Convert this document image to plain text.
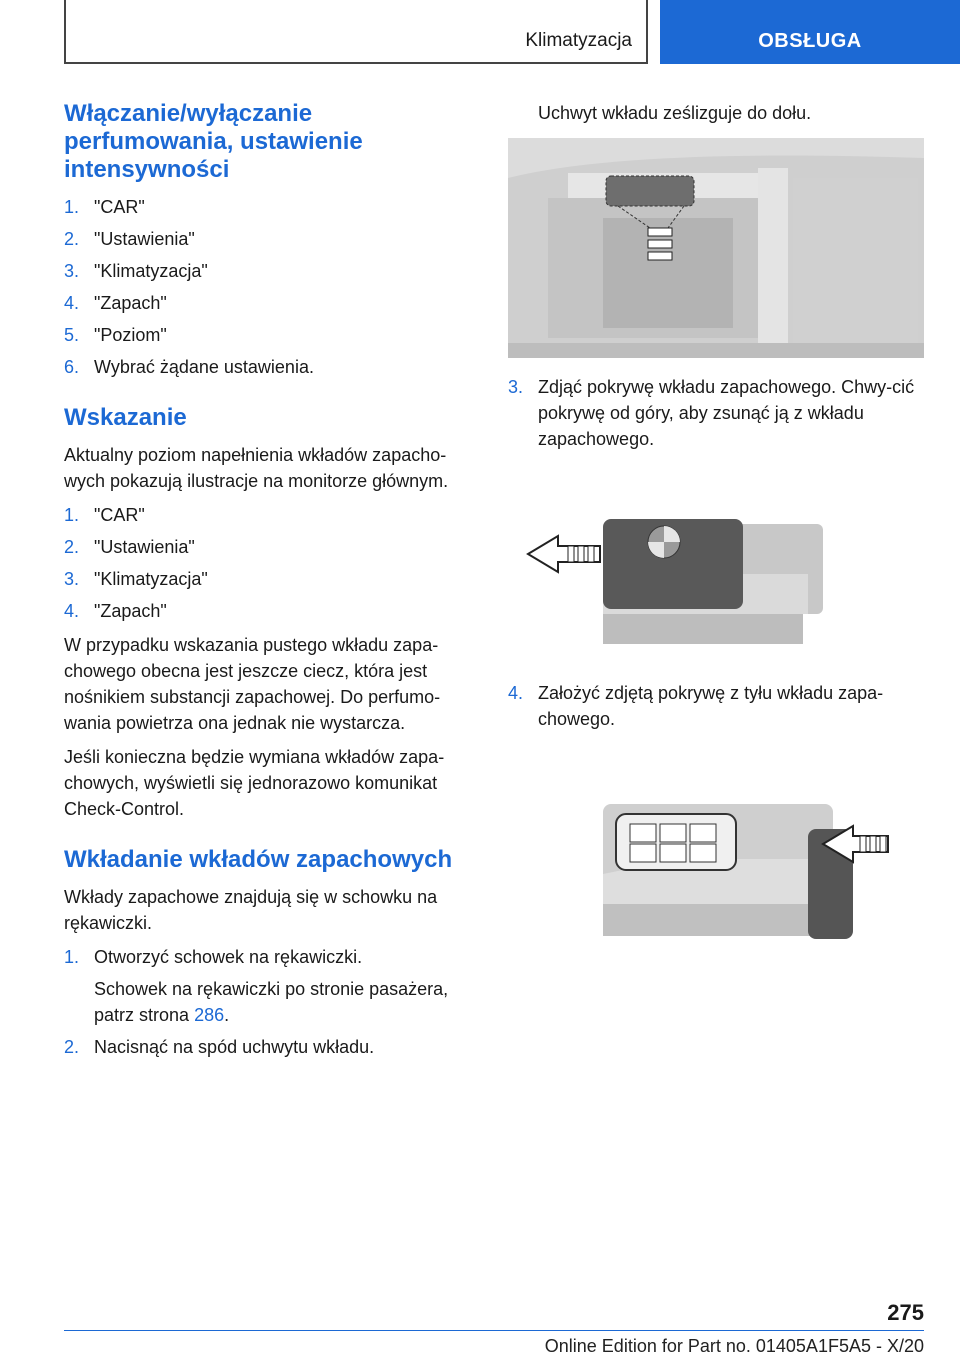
Klimatyzacja	OBSŁUGA
Włączanie/wyłączanie perfumowania, ustawienie intensywności
1. "CAR"
2. "Ustawienia"
3. "Klimatyzacja"
4. "Zapach"
5. "Poziom"
6. Wybrać żądane ustawienia.
Wskazanie

Aktualny poziom napełnienia wkładów zapacho-wych pokazują ilustracje na monitorze głównym.

1. "CAR"
2. "Ustawienia"
3. "Klimatyzacja"
4. "Zapach"

W przypadku wskazania pustego wkładu zapa-chowego obecna jest jeszcze ciecz, która jest nośnikiem substancji zapachowej. Do perfumo-wania powietrza ona jednak nie wystarcza.

Jeśli konieczna będzie wymiana wkładów zapa-chowych, wyświetli się jednorazowo komunikat Check-Control.

Wkładanie wkładów zapachowych

Wkłady zapachowe znajdują się w schowku na rękawiczki.

1. Otworzyć schowek na rękawiczki.
Schowek na rękawiczki po stronie pasażera, patrz strona 286.
2. Nacisnąć na spód uchwytu wkładu.

Uchwyt wkładu ześlizguje do dołu.

3. Zdjąć pokrywę wkładu zapachowego. Chwy-cić pokrywę od góry, aby zsunąć ją z wkładu zapachowego.
4. Założyć zdjętą pokrywę z tyłu wkładu zapa-chowego.
275
Online Edition for Part no. 01405A1F5A5 - X/20
